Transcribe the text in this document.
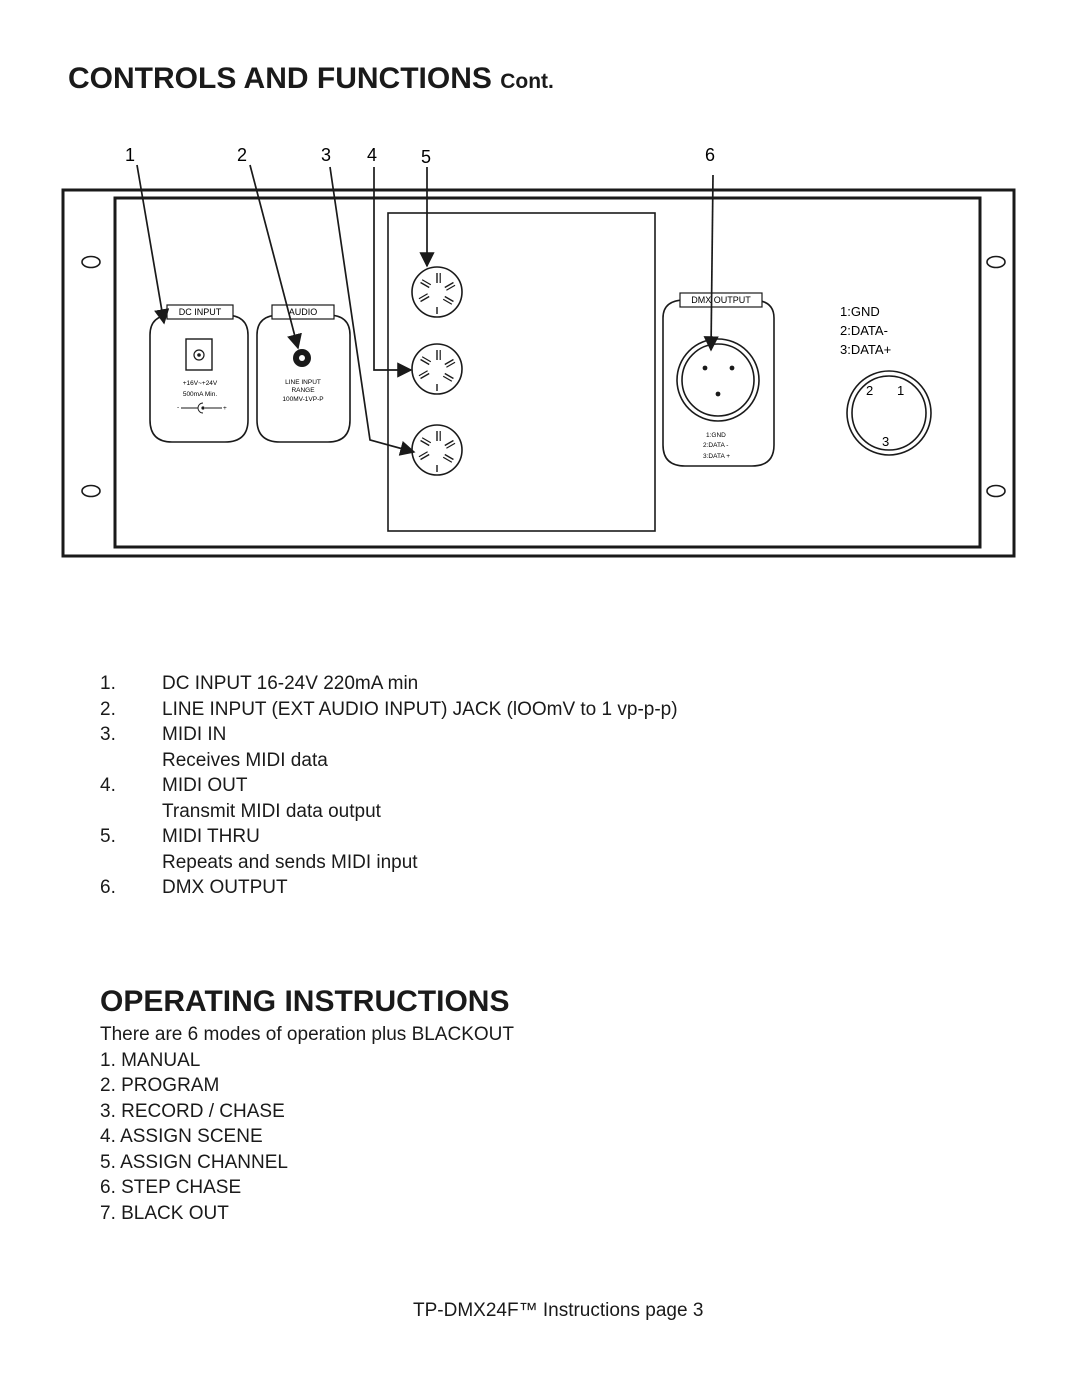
CONTROLS AND FUNCTIONS Cont.
1	2	3 4 5	6
DC INPUT
+16V~+24V
500mA Min.
-	+
AUDIO
LINE INPUT
RANGE
100MV-1VP-P
DMX OUTPUT
1:GND
2:DATA -
3:DATA +
1:GND
2:DATA-
3:DATA+
2 1
3
1. DC INPUT 16-24V 220mA min
2. LINE INPUT (EXT AUDIO INPUT) JACK (lOOmV to 1 vp-p-p)
3. MIDI IN
Receives MIDI data
4. MIDI OUT
Transmit MIDI data output
5. MIDI THRU
Repeats and sends MIDI input
6. DMX OUTPUT
OPERATING INSTRUCTIONS
There are 6 modes of operation plus BLACKOUT
1. MANUAL
2. PROGRAM
3. RECORD / CHASE
4. ASSIGN SCENE
5. ASSIGN CHANNEL
6. STEP CHASE
7. BLACK OUT
TP-DMX24F™ Instructions page 3
